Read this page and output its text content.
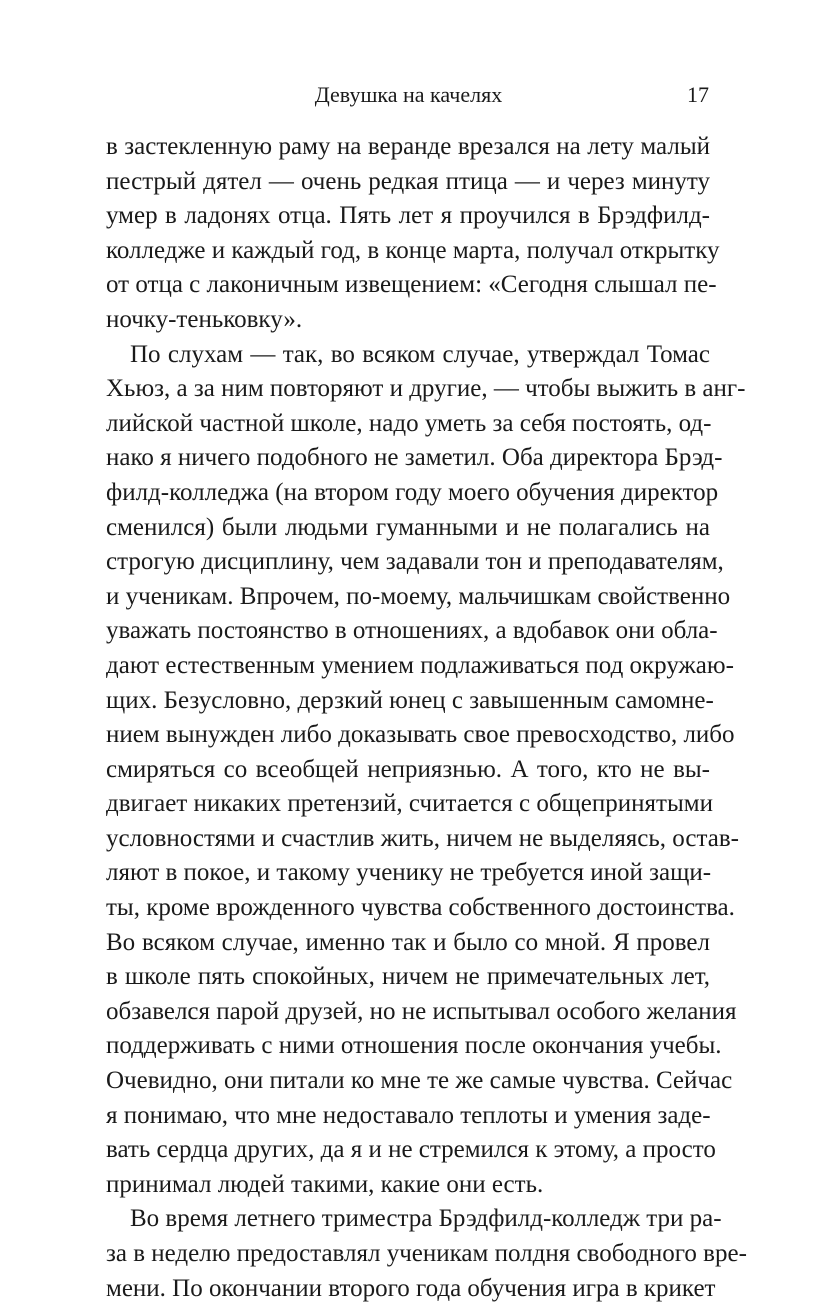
Девушка на качелях	17
в застекленную раму на веранде врезался на лету малый
пестрый дятел — очень редкая птица — и через минуту
умер в ладонях отца. Пять лет я проучился в Брэдфилд-
колледже и каждый год, в конце марта, получал открытку
от отца с лаконичным извещением: «Сегодня слышал пе-
ночку-теньковку».
По слухам — так, во всяком случае, утверждал Томас
Хьюз, а за ним повторяют и другие, — чтобы выжить в анг-
лийской частной школе, надо уметь за себя постоять, од-
нако я ничего подобного не заметил. Оба директора Брэд-
филд-колледжа (на втором году моего обучения директор
сменился) были людьми гуманными и не полагались на
строгую дисциплину, чем задавали тон и преподавателям,
и ученикам. Впрочем, по-моему, мальчишкам свойственно
уважать постоянство в отношениях, а вдобавок они обла-
дают естественным умением подлаживаться под окружаю-
щих. Безусловно, дерзкий юнец с завышенным самомне-
нием вынужден либо доказывать свое превосходство, либо
смиряться со всеобщей неприязнью. А того, кто не вы-
двигает никаких претензий, считается с общепринятыми
условностями и счастлив жить, ничем не выделяясь, остав-
ляют в покое, и такому ученику не требуется иной защи-
ты, кроме врожденного чувства собственного достоинства.
Во всяком случае, именно так и было со мной. Я провел
в школе пять спокойных, ничем не примечательных лет,
обзавелся парой друзей, но не испытывал особого желания
поддерживать с ними отношения после окончания учебы.
Очевидно, они питали ко мне те же самые чувства. Сейчас
я понимаю, что мне недоставало теплоты и умения заде-
вать сердца других, да я и не стремился к этому, а просто
принимал людей такими, какие они есть.
Во время летнего триместра Брэдфилд-колледж три ра-
за в неделю предоставлял ученикам полдня свободного вре-
мени. По окончании второго года обучения игра в крикет
